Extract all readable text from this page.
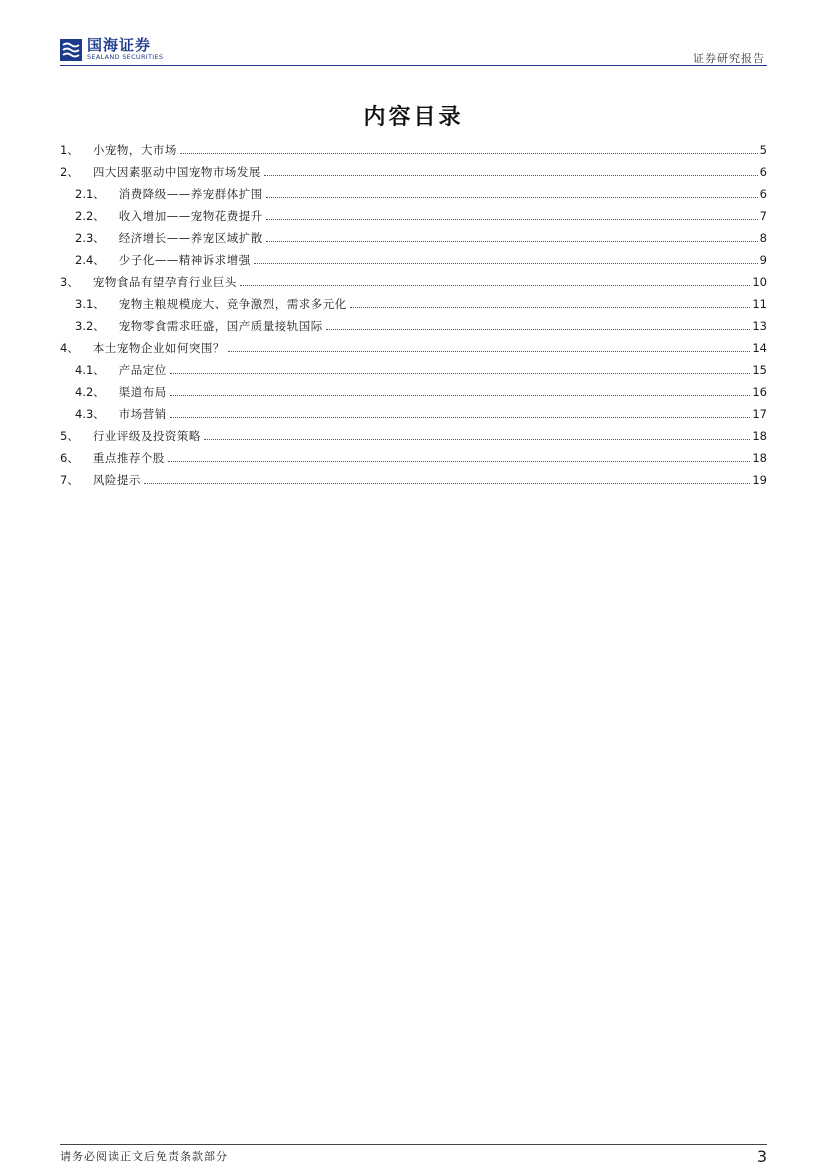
国海证券
SEALAND SECURITIES	证券研究报告
内容目录
1、 小宠物，大市场	5
2、 四大因素驱动中国宠物市场发展	6
2.1、 消费降级——养宠群体扩围	6
2.2、 收入增加——宠物花费提升	7
2.3、 经济增长——养宠区域扩散	8
2.4、 少子化——精神诉求增强	9
3、 宠物食品有望孕育行业巨头	10
3.1、 宠物主粮规模庞大、竞争激烈，需求多元化	11
3.2、 宠物零食需求旺盛，国产质量接轨国际	13
4、 本土宠物企业如何突围？	14
4.1、 产品定位	15
4.2、 渠道布局	16
4.3、 市场营销	17
5、 行业评级及投资策略	18
6、 重点推荐个股	18
7、 风险提示	19
请务必阅读正文后免责条款部分	3
